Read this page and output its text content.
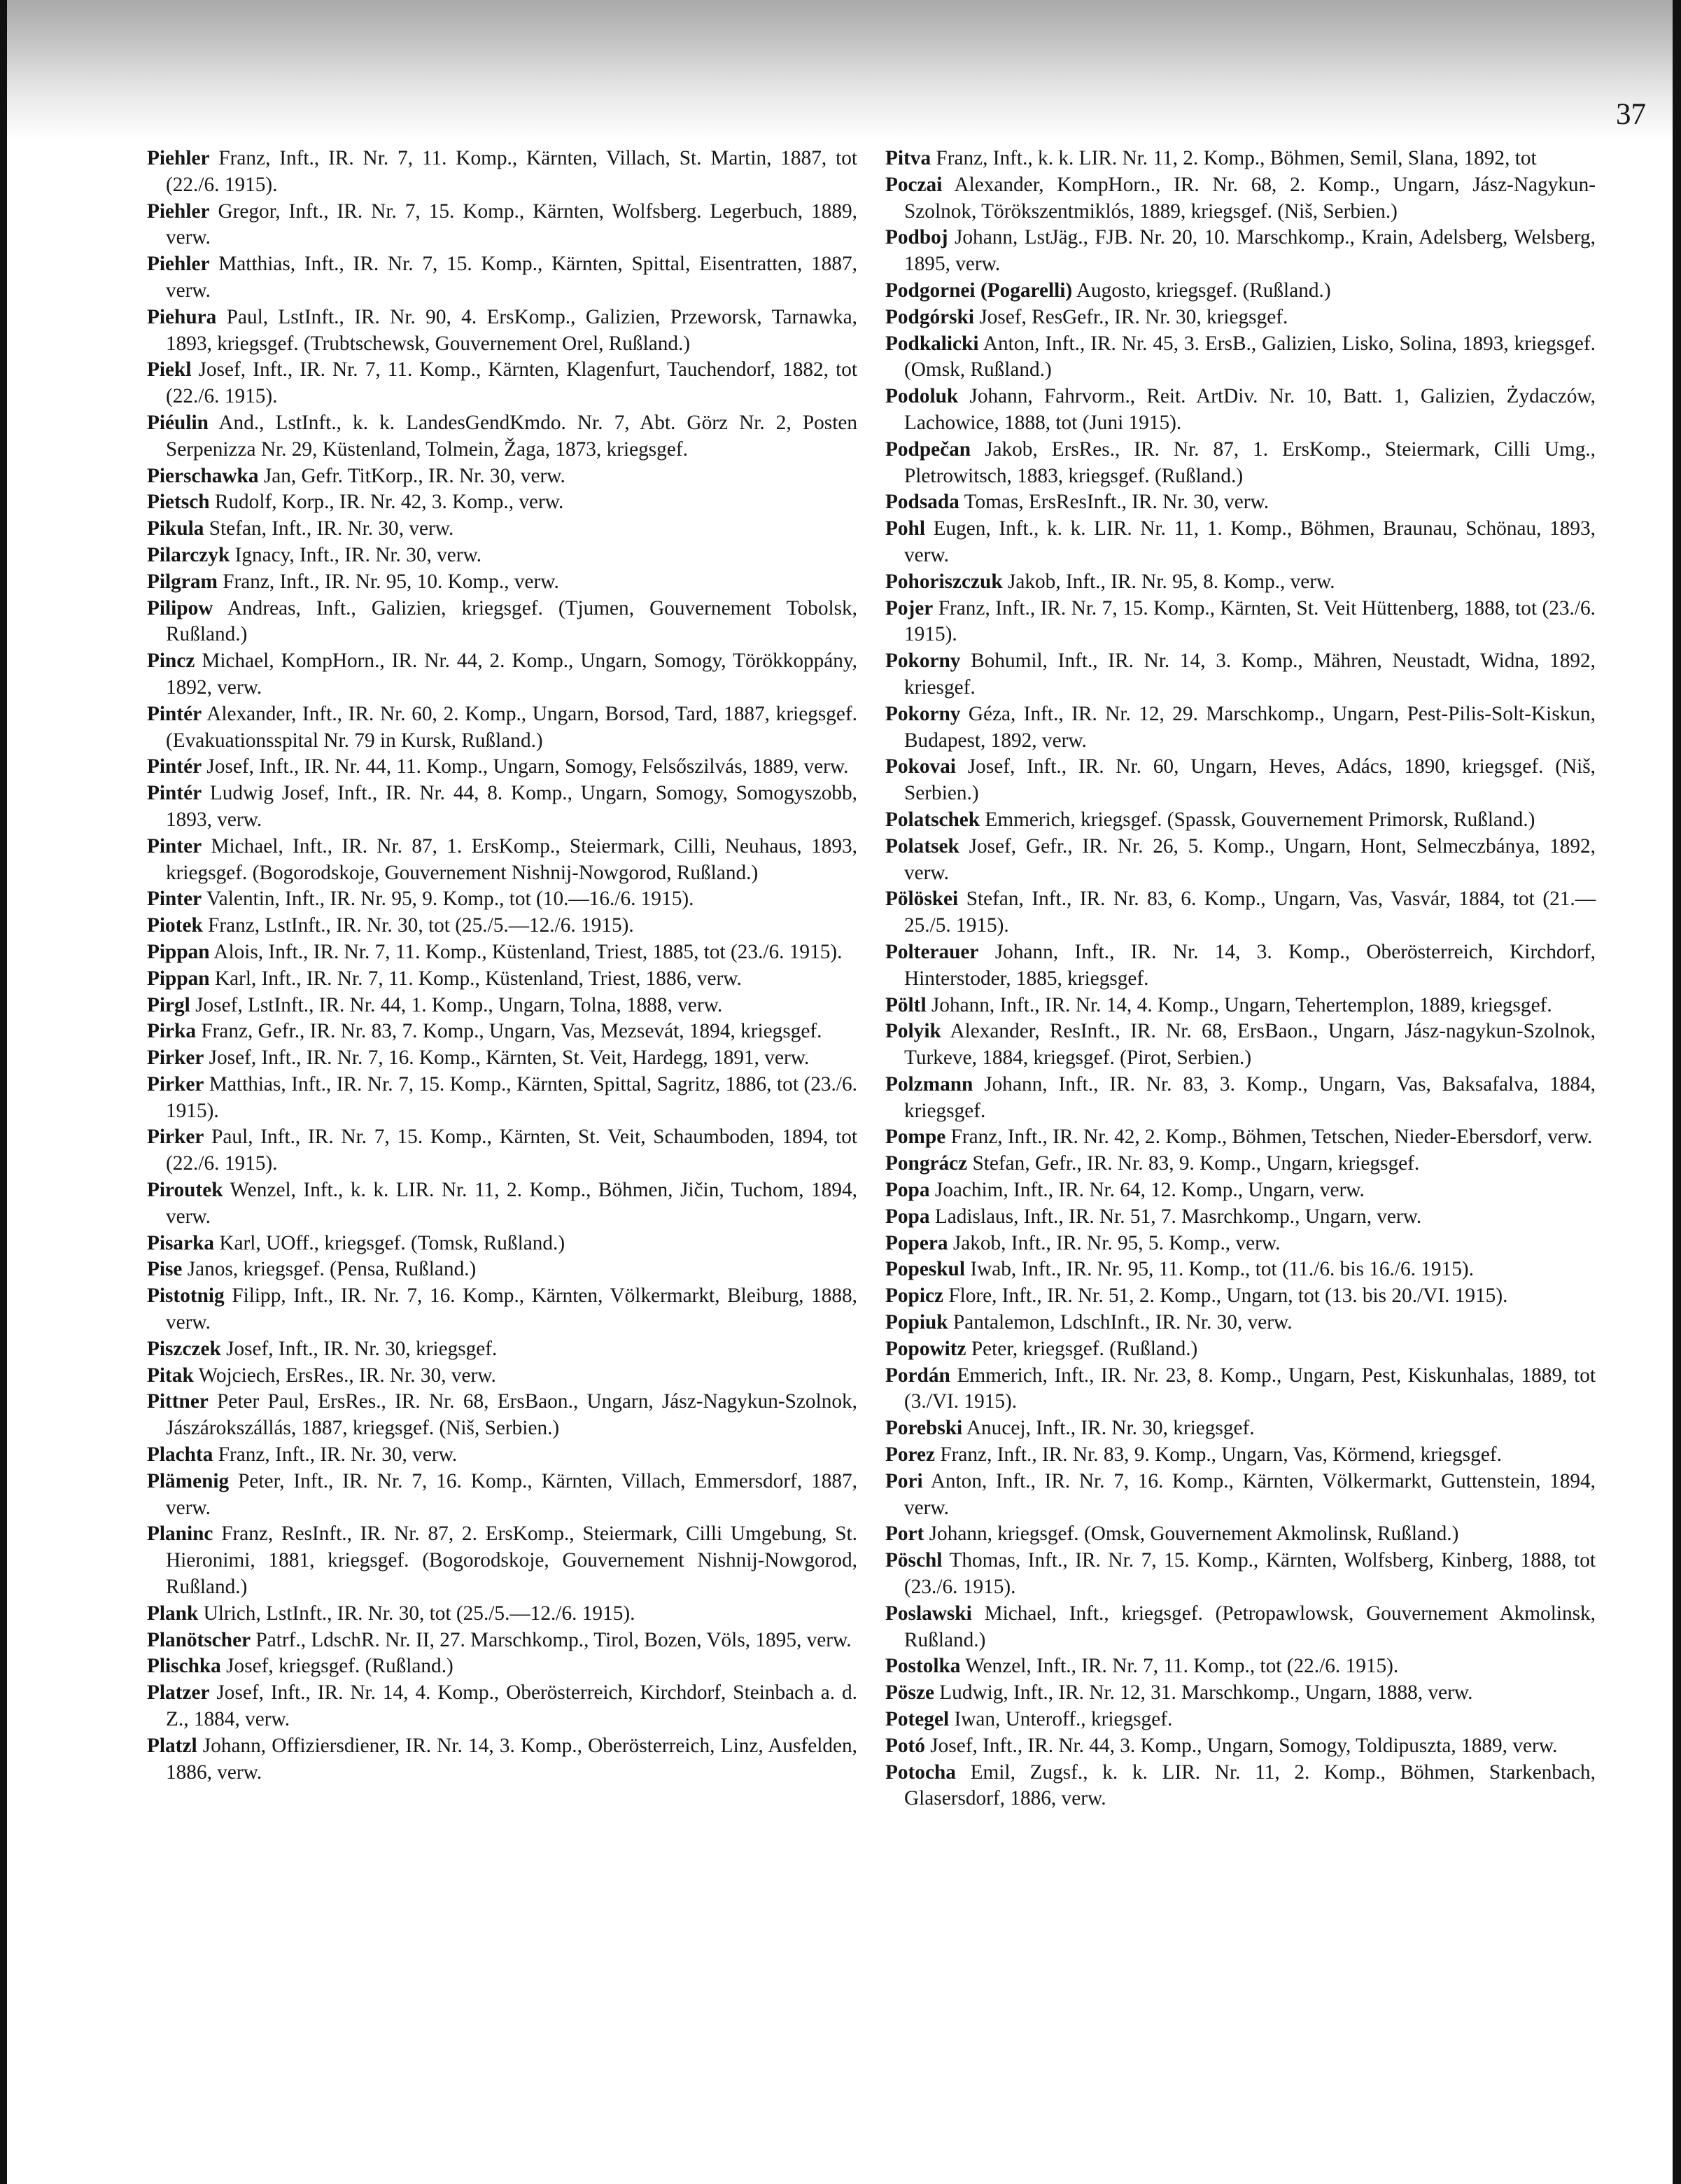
37

Piehler Franz, Inft., IR. Nr. 7, 11. Komp., Kärnten, Villach, St. Martin, 1887, tot (22./6. 1915).

Piehler Gregor, Inft., IR. Nr. 7, 15. Komp., Kärnten, Wolfsberg. Legerbuch, 1889, verw.

Piehler Matthias, Inft., IR. Nr. 7, 15. Komp., Kärnten, Spittal, Eisentratten, 1887, verw.

Piehura Paul, LstInft., IR. Nr. 90, 4. ErsKomp., Galizien, Przeworsk, Tarnawka, 1893, kriegsgef. (Trubtschewsk, Gouvernement Orel, Rußland.)

Piekl Josef, Inft., IR. Nr. 7, 11. Komp., Kärnten, Klagenfurt, Tauchendorf, 1882, tot (22./6. 1915).

Piéulin And., LstInft., k. k. LandesGendKmdo. Nr. 7, Abt. Görz Nr. 2, Posten Serpenizza Nr. 29, Küstenland, Tolmein, Žaga, 1873, kriegsgef.

Pierschawka Jan, Gefr. TitKorp., IR. Nr. 30, verw.

Pietsch Rudolf, Korp., IR. Nr. 42, 3. Komp., verw.

Pikula Stefan, Inft., IR. Nr. 30, verw.

Pilarczyk Ignacy, Inft., IR. Nr. 30, verw.

Pilgram Franz, Inft., IR. Nr. 95, 10. Komp., verw.

Pilipow Andreas, Inft., Galizien, kriegsgef. (Tjumen, Gouvernement Tobolsk, Rußland.)

Pincz Michael, KompHorn., IR. Nr. 44, 2. Komp., Ungarn, Somogy, Törökkoppány, 1892, verw.

Pintér Alexander, Inft., IR. Nr. 60, 2. Komp., Ungarn, Borsod, Tard, 1887, kriegsgef. (Evakuationsspital Nr. 79 in Kursk, Rußland.)

Pintér Josef, Inft., IR. Nr. 44, 11. Komp., Ungarn, Somogy, Felsőszilvás, 1889, verw.

Pintér Ludwig Josef, Inft., IR. Nr. 44, 8. Komp., Ungarn, Somogy, Somogyszobb, 1893, verw.

Pinter Michael, Inft., IR. Nr. 87, 1. ErsKomp., Steiermark, Cilli, Neuhaus, 1893, kriegsgef. (Bogorodskoje, Gouvernement Nishnij-Nowgorod, Rußland.)

Pinter Valentin, Inft., IR. Nr. 95, 9. Komp., tot (10.—16./6. 1915).

Piotek Franz, LstInft., IR. Nr. 30, tot (25./5.—12./6. 1915).

Pippan Alois, Inft., IR. Nr. 7, 11. Komp., Küstenland, Triest, 1885, tot (23./6. 1915).

Pippan Karl, Inft., IR. Nr. 7, 11. Komp., Küstenland, Triest, 1886, verw.

Pirgl Josef, LstInft., IR. Nr. 44, 1. Komp., Ungarn, Tolna, 1888, verw.

Pirka Franz, Gefr., IR. Nr. 83, 7. Komp., Ungarn, Vas, Mezsevát, 1894, kriegsgef.

Pirker Josef, Inft., IR. Nr. 7, 16. Komp., Kärnten, St. Veit, Hardegg, 1891, verw.

Pirker Matthias, Inft., IR. Nr. 7, 15. Komp., Kärnten, Spittal, Sagritz, 1886, tot (23./6. 1915).

Pirker Paul, Inft., IR. Nr. 7, 15. Komp., Kärnten, St. Veit, Schaumboden, 1894, tot (22./6. 1915).

Piroutek Wenzel, Inft., k. k. LIR. Nr. 11, 2. Komp., Böhmen, Jičin, Tuchom, 1894, verw.

Pisarka Karl, UOff., kriegsgef. (Tomsk, Rußland.)

Pise Janos, kriegsgef. (Pensa, Rußland.)

Pistotnig Filipp, Inft., IR. Nr. 7, 16. Komp., Kärnten, Völkermarkt, Bleiburg, 1888, verw.

Piszczek Josef, Inft., IR. Nr. 30, kriegsgef.

Pitak Wojciech, ErsRes., IR. Nr. 30, verw.

Pittner Peter Paul, ErsRes., IR. Nr. 68, ErsBaon., Ungarn, Jász-Nagykun-Szolnok, Jászárokszállás, 1887, kriegsgef. (Niš, Serbien.)

Plachta Franz, Inft., IR. Nr. 30, verw.

Plämenig Peter, Inft., IR. Nr. 7, 16. Komp., Kärnten, Villach, Emmersdorf, 1887, verw.

Planinc Franz, ResInft., IR. Nr. 87, 2. ErsKomp., Steiermark, Cilli Umgebung, St. Hieronimi, 1881, kriegsgef. (Bogorodskoje, Gouvernement Nishnij-Nowgorod, Rußland.)

Plank Ulrich, LstInft., IR. Nr. 30, tot (25./5.—12./6. 1915).

Planötscher Patrf., LdschR. Nr. II, 27. Marschkomp., Tirol, Bozen, Völs, 1895, verw.

Plischka Josef, kriegsgef. (Rußland.)

Platzer Josef, Inft., IR. Nr. 14, 4. Komp., Oberösterreich, Kirchdorf, Steinbach a. d. Z., 1884, verw.

Platzl Johann, Offiziersdiener, IR. Nr. 14, 3. Komp., Oberösterreich, Linz, Ausfelden, 1886, verw.

Pitva Franz, Inft., k. k. LIR. Nr. 11, 2. Komp., Böhmen, Semil, Slana, 1892, tot

Poczai Alexander, KompHorn., IR. Nr. 68, 2. Komp., Ungarn, Jász-Nagykun-Szolnok, Törökszentmiklós, 1889, kriegsgef. (Niš, Serbien.)

Podboj Johann, LstJäg., FJB. Nr. 20, 10. Marschkomp., Krain, Adelsberg, Welsberg, 1895, verw.

Podgornei (Pogarelli) Augosto, kriegsgef. (Rußland.)

Podgórski Josef, ResGefr., IR. Nr. 30, kriegsgef.

Podkalicki Anton, Inft., IR. Nr. 45, 3. ErsB., Galizien, Lisko, Solina, 1893, kriegsgef. (Omsk, Rußland.)

Podoluk Johann, Fahrvorm., Reit. ArtDiv. Nr. 10, Batt. 1, Galizien, Żydaczów, Lachowice, 1888, tot (Juni 1915).

Podpečan Jakob, ErsRes., IR. Nr. 87, 1. ErsKomp., Steiermark, Cilli Umg., Pletrowitsch, 1883, kriegsgef. (Rußland.)

Podsada Tomas, ErsResInft., IR. Nr. 30, verw.

Pohl Eugen, Inft., k. k. LIR. Nr. 11, 1. Komp., Böhmen, Braunau, Schönau, 1893, verw.

Pohoriszczuk Jakob, Inft., IR. Nr. 95, 8. Komp., verw.

Pojer Franz, Inft., IR. Nr. 7, 15. Komp., Kärnten, St. Veit Hüttenberg, 1888, tot (23./6. 1915).

Pokorny Bohumil, Inft., IR. Nr. 14, 3. Komp., Mähren, Neustadt, Widna, 1892, kriesgef.

Pokorny Géza, Inft., IR. Nr. 12, 29. Marschkomp., Ungarn, Pest-Pilis-Solt-Kiskun, Budapest, 1892, verw.

Pokovai Josef, Inft., IR. Nr. 60, Ungarn, Heves, Adács, 1890, kriegsgef. (Niš, Serbien.)

Polatschek Emmerich, kriegsgef. (Spassk, Gouvernement Primorsk, Rußland.)

Polatsek Josef, Gefr., IR. Nr. 26, 5. Komp., Ungarn, Hont, Selmeczbánya, 1892, verw.

Pölöskei Stefan, Inft., IR. Nr. 83, 6. Komp., Ungarn, Vas, Vasvár, 1884, tot (21.—25./5. 1915).

Polterauer Johann, Inft., IR. Nr. 14, 3. Komp., Oberösterreich, Kirchdorf, Hinterstoder, 1885, kriegsgef.

Pöltl Johann, Inft., IR. Nr. 14, 4. Komp., Ungarn, Tehertemplon, 1889, kriegsgef.

Polyik Alexander, ResInft., IR. Nr. 68, ErsBaon., Ungarn, Jász-nagykun-Szolnok, Turkeve, 1884, kriegsgef. (Pirot, Serbien.)

Polzmann Johann, Inft., IR. Nr. 83, 3. Komp., Ungarn, Vas, Baksafalva, 1884, kriegsgef.

Pompe Franz, Inft., IR. Nr. 42, 2. Komp., Böhmen, Tetschen, Nieder-Ebersdorf, verw.

Pongrácz Stefan, Gefr., IR. Nr. 83, 9. Komp., Ungarn, kriegsgef.

Popa Joachim, Inft., IR. Nr. 64, 12. Komp., Ungarn, verw.

Popa Ladislaus, Inft., IR. Nr. 51, 7. Masrchkomp., Ungarn, verw.

Popera Jakob, Inft., IR. Nr. 95, 5. Komp., verw.

Popeskul Iwab, Inft., IR. Nr. 95, 11. Komp., tot (11./6. bis 16./6. 1915).

Popicz Flore, Inft., IR. Nr. 51, 2. Komp., Ungarn, tot (13. bis 20./VI. 1915).

Popiuk Pantalemon, LdschInft., IR. Nr. 30, verw.

Popowitz Peter, kriegsgef. (Rußland.)

Pordán Emmerich, Inft., IR. Nr. 23, 8. Komp., Ungarn, Pest, Kiskunhalas, 1889, tot (3./VI. 1915).

Porebski Anucej, Inft., IR. Nr. 30, kriegsgef.

Porez Franz, Inft., IR. Nr. 83, 9. Komp., Ungarn, Vas, Körmend, kriegsgef.

Pori Anton, Inft., IR. Nr. 7, 16. Komp., Kärnten, Völkermarkt, Guttenstein, 1894, verw.

Port Johann, kriegsgef. (Omsk, Gouvernement Akmolinsk, Rußland.)

Pöschl Thomas, Inft., IR. Nr. 7, 15. Komp., Kärnten, Wolfsberg, Kinberg, 1888, tot (23./6. 1915).

Poslawski Michael, Inft., kriegsgef. (Petropawlowsk, Gouvernement Akmolinsk, Rußland.)

Postolka Wenzel, Inft., IR. Nr. 7, 11. Komp., tot (22./6. 1915).

Pösze Ludwig, Inft., IR. Nr. 12, 31. Marschkomp., Ungarn, 1888, verw.

Potegel Iwan, Unteroff., kriegsgef.

Potó Josef, Inft., IR. Nr. 44, 3. Komp., Ungarn, Somogy, Toldipuszta, 1889, verw.

Potocha Emil, Zugsf., k. k. LIR. Nr. 11, 2. Komp., Böhmen, Starkenbach, Glasersdorf, 1886, verw.
